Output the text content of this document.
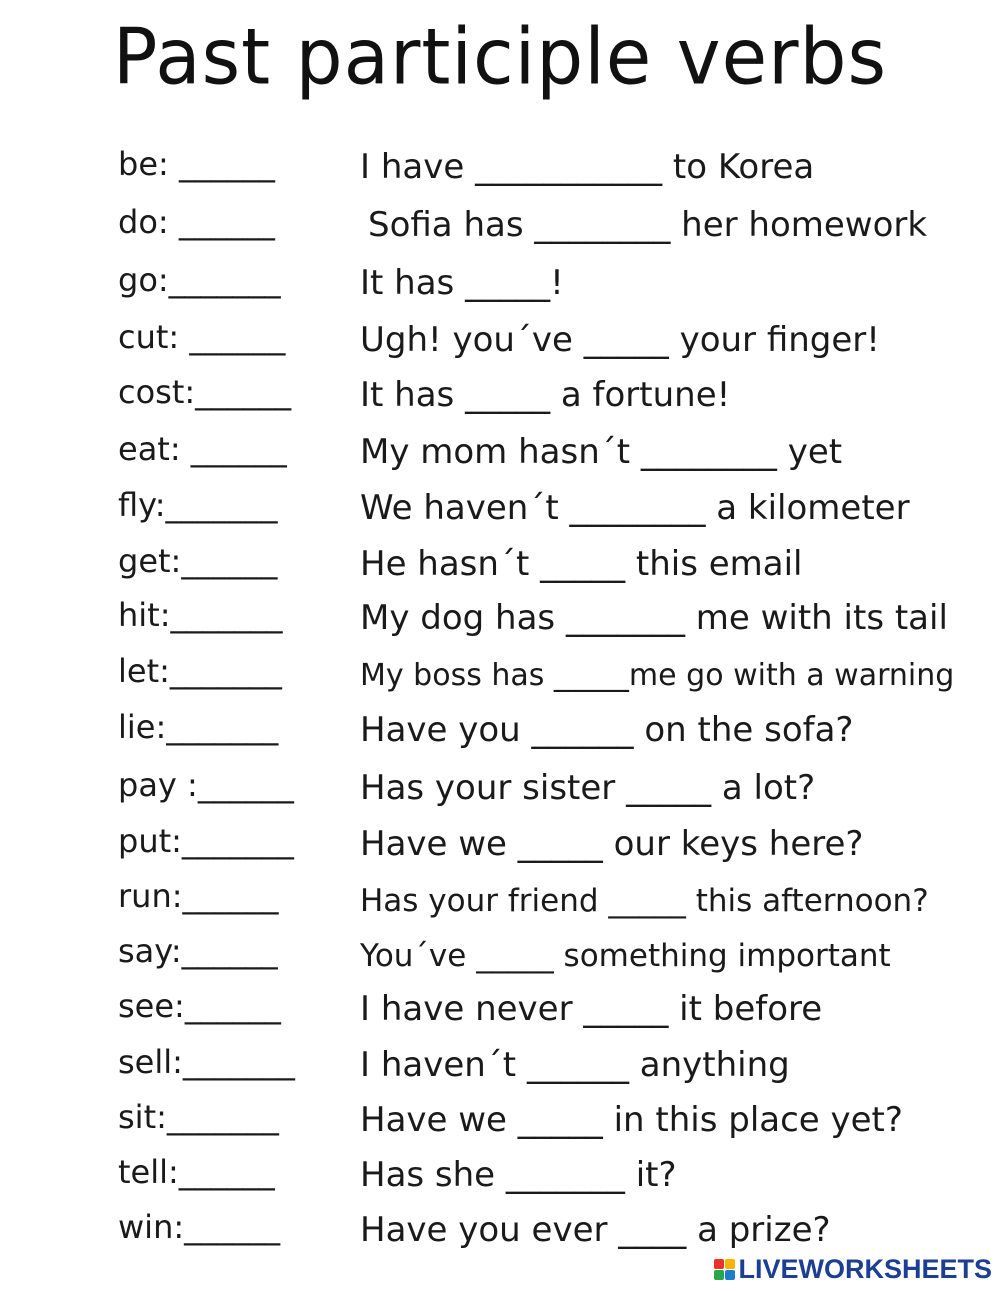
Past participle verbs
be: ______	I have ___________ to Korea
do: ______	Sofia has ________ her homework
go:_______ It has _____!
cut: ______ Ugh! you´ve _____ your finger!
cost:______ It has _____ a fortune!
eat: ______ My mom hasn´t ________ yet
fly:_______ We haven´t ________ a kilometer
get:______ He hasn´t _____ this email
hit:_______ My dog has _______ me with its tail
let:_______	My boss has _____me go with a warning
lie:_______ Have you ______ on the sofa?
pay :______ Has your sister _____ a lot?
put:_______ Have we _____ our keys here?
run:______	Has your friend _____ this afternoon?
say:______	You´ve _____ something important
see:______ I have never _____ it before
sell:_______ I haven´t ______ anything
sit:_______ Have we _____ in this place yet?
tell:______	Has she _______ it?
win:______ Have you ever ____ a prize?
LIVEWORKSHEETS
